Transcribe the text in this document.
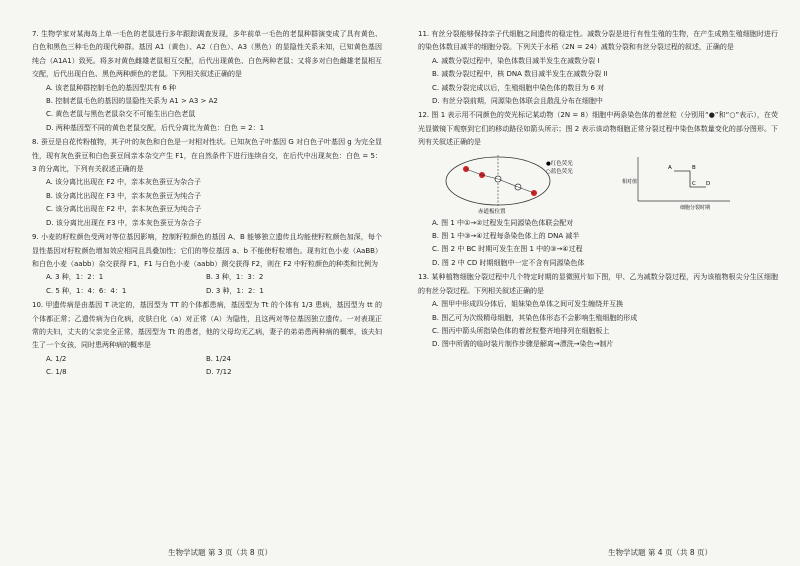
7. 生物学家对某海岛上单一毛色的老鼠进行多年跟踪调查发现，多年前单一毛色的老鼠种群演变成了具有黄色、白色和黑色三种毛色的现代种群。基因 A1（黄色）、A2（白色）、A3（黑色）的显隐性关系未知，已知黄色基因纯合（A1A1）致死。将多对黄色雌雄老鼠相互交配，后代出现黄色、白色两种老鼠；又将多对白色雌雄老鼠相互交配，后代出现白色、黑色两种颜色的老鼠。下列相关叙述正确的是

A. 该老鼠种群控制毛色的基因型共有 6 种

B. 控制老鼠毛色的基因的显隐性关系为 A1 > A3 > A2

C. 黄色老鼠与黑色老鼠杂交不可能生出白色老鼠

D. 两种基因型不同的黄色老鼠交配，后代分离比为黄色：白色 = 2：1

8. 蚕豆是自花传粉植物，其子叶的灰色和白色是一对相对性状。已知灰色子叶基因 G 对白色子叶基因 g 为完全显性，现有灰色蚕豆和白色蚕豆间亲本杂交产生 F1，在自然条件下进行连续自交，在后代中出现灰色：白色 = 5：3 的分离比，下列有关叙述正确的是

A. 该分离比出现在 F2 中，亲本灰色蚕豆为杂合子

B. 该分离比出现在 F3 中，亲本灰色蚕豆为纯合子

C. 该分离比出现在 F2 中，亲本灰色蚕豆为纯合子

D. 该分离比出现在 F3 中，亲本灰色蚕豆为杂合子

9. 小麦的籽粒颜色受两对等位基因影响，控制籽粒颜色的基因 A、B 能够独立遗传且均能使籽粒颜色加深，每个显性基因对籽粒颜色增加效应相同且具叠加性；它们的等位基因 a、b 不能使籽粒增色。现有红色小麦（AaBB）和白色小麦（aabb）杂交获得 F1，F1 与白色小麦（aabb）测交获得 F2，则在 F2 中籽粒颜色的种类和比例为

A. 3 种，1：2：1	B. 3 种，1：3：2
C. 5 种，1：4：6：4：1	D. 3 种，1：2：1

10. 甲遗传病是由基因 T 决定的，基因型为 TT 的个体都患病，基因型为 Tt 的个体有 1/3 患病，基因型为 tt 的个体都正常；乙遗传病为白化病，皮肤白化（a）对正常（A）为隐性，且这两对等位基因独立遗传。一对表现正常的夫妇，丈夫的父亲完全正常，基因型为 Tt 的患者，他的父母均无乙病，妻子的弟弟患两种病的概率，该夫妇生了一个女孩，同时患两种病的概率是

A. 1/2	B. 1/24
C. 1/8	D. 7/12
生物学试题 第 3 页（共 8 页）

11. 有丝分裂能够保持亲子代细胞之间遗传的稳定性。减数分裂是进行有性生殖的生物，在产生成熟生殖细胞时进行的染色体数目减半的细胞分裂。下列关于水稻（2N = 24）减数分裂和有丝分裂过程的叙述，正确的是

A. 减数分裂过程中，染色体数目减半发生在减数分裂 I

B. 减数分裂过程中，核 DNA 数目减半发生在减数分裂 II

C. 减数分裂完成以后，生殖细胞中染色体的数目为 6 对

D. 有丝分裂前期，同源染色体联会且散乱分布在细胞中

12. 图 1 表示用不同颜色的荧光标记某动物（2N = 8）细胞中两条染色体的着丝粒（分别用“●”和“○”表示），在荧光显微镜下观察到它们的移动路径如箭头所示；图 2 表示该动物细胞正常分裂过程中染色体数量变化的部分图形。下列有关叙述正确的是

●红色荧光
○蓝色荧光
赤道板位置
A	B
C D
相对值
细胞分裂时期

A. 图 1 中①→②过程发生同源染色体联会配对

B. 图 1 中③→④过程每条染色体上的 DNA 减半

C. 图 2 中 BC 时期可发生在图 1 中的③→④过程

D. 图 2 中 CD 时期细胞中一定不含有同源染色体

13. 某种植物细胞分裂过程中几个特定时期的显微照片如下图，甲、乙为减数分裂过程，丙为该植物根尖分生区细胞的有丝分裂过程。下列相关叙述正确的是

A. 图甲中形成四分体后，姐妹染色单体之间可发生缠绕并互换

B. 图乙可为次级精母细胞，其染色体形态不会影响生殖细胞的形成

C. 图丙中箭头所指染色体的着丝粒整齐地排列在细胞板上

D. 图中所需的临时装片制作步骤是解离→漂洗→染色→制片

生物学试题 第 4 页（共 8 页）
